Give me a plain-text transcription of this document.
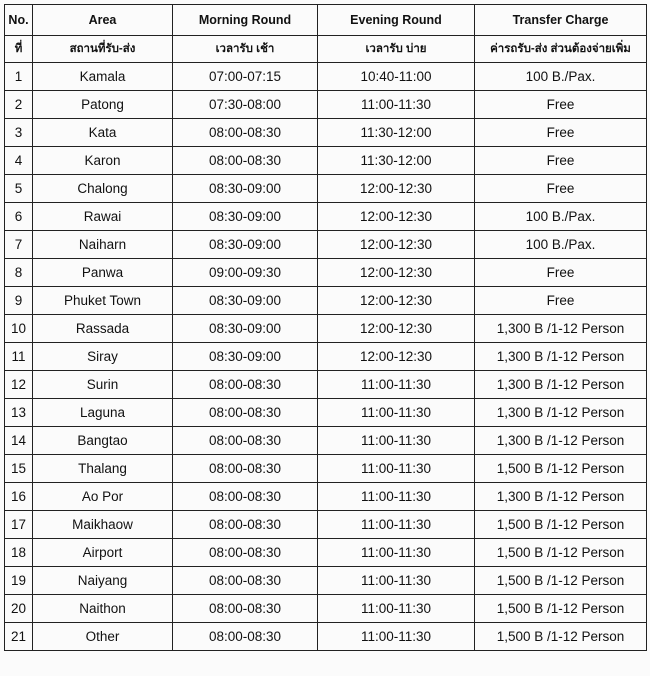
No.	Area	Morning Round	Evening Round	Transfer Charge
ที่	สถานที่รับ-ส่ง	เวลารับ เช้า	เวลารับ บ่าย	ค่ารถรับ-ส่ง ส่วนต้องจ่ายเพิ่ม
1	Kamala	07:00-07:15	10:40-11:00	100 B./Pax.
2	Patong	07:30-08:00	11:00-11:30	Free
3	Kata	08:00-08:30	11:30-12:00	Free
4	Karon	08:00-08:30	11:30-12:00	Free
5	Chalong	08:30-09:00	12:00-12:30	Free
6	Rawai	08:30-09:00	12:00-12:30	100 B./Pax.
7	Naiharn	08:30-09:00	12:00-12:30	100 B./Pax.
8	Panwa	09:00-09:30	12:00-12:30	Free
9	Phuket Town	08:30-09:00	12:00-12:30	Free
10	Rassada	08:30-09:00	12:00-12:30	1,300 B /1-12 Person
11	Siray	08:30-09:00	12:00-12:30	1,300 B /1-12 Person
12	Surin	08:00-08:30	11:00-11:30	1,300 B /1-12 Person
13	Laguna	08:00-08:30	11:00-11:30	1,300 B /1-12 Person
14	Bangtao	08:00-08:30	11:00-11:30	1,300 B /1-12 Person
15	Thalang	08:00-08:30	11:00-11:30	1,500 B /1-12 Person
16	Ao Por	08:00-08:30	11:00-11:30	1,300 B /1-12 Person
17	Maikhaow	08:00-08:30	11:00-11:30	1,500 B /1-12 Person
18	Airport	08:00-08:30	11:00-11:30	1,500 B /1-12 Person
19	Naiyang	08:00-08:30	11:00-11:30	1,500 B /1-12 Person
20	Naithon	08:00-08:30	11:00-11:30	1,500 B /1-12 Person
21	Other	08:00-08:30	11:00-11:30	1,500 B /1-12 Person
